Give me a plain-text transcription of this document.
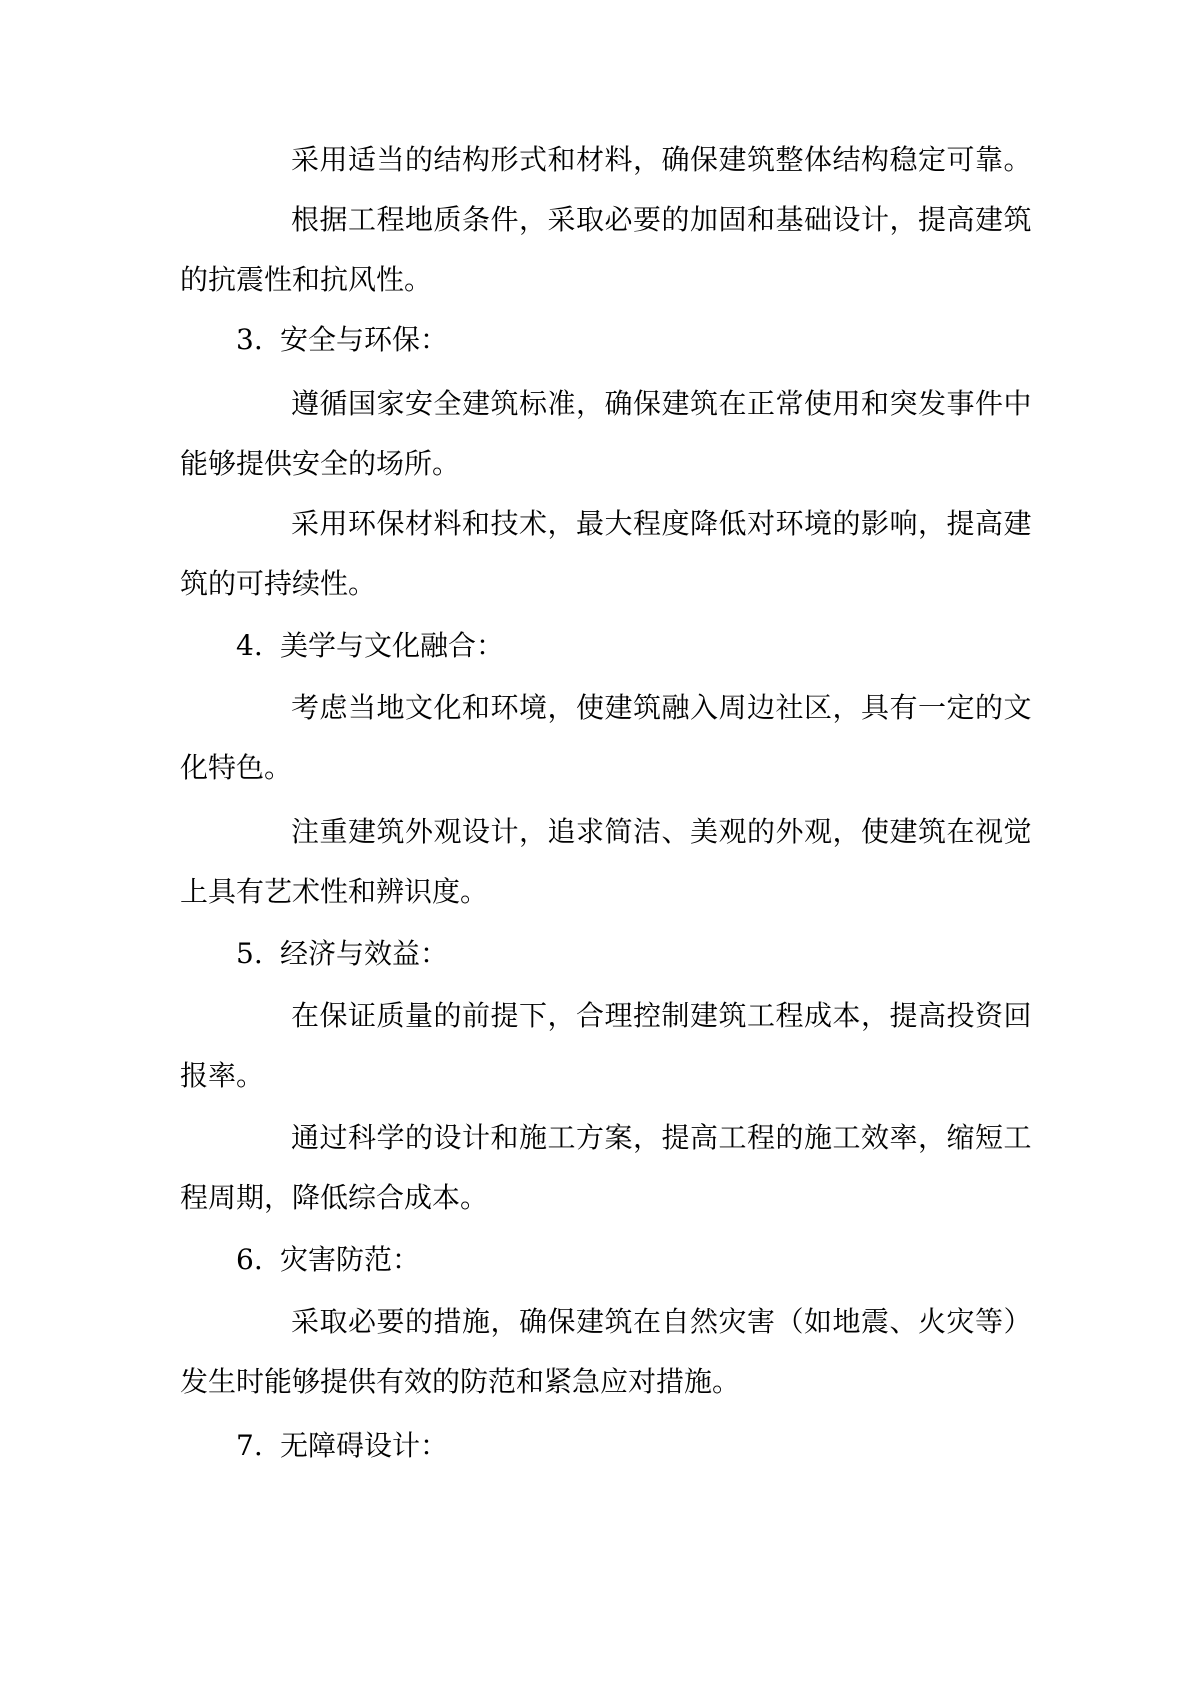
采用适当的结构形式和材料，确保建筑整体结构稳定可靠。
根据工程地质条件，采取必要的加固和基础设计，提高建筑
的抗震性和抗风性。
3. 安全与环保：
遵循国家安全建筑标准，确保建筑在正常使用和突发事件中
能够提供安全的场所。
采用环保材料和技术，最大程度降低对环境的影响，提高建
筑的可持续性。
4. 美学与文化融合：
考虑当地文化和环境，使建筑融入周边社区，具有一定的文
化特色。
注重建筑外观设计，追求简洁、美观的外观，使建筑在视觉
上具有艺术性和辨识度。
5. 经济与效益：
在保证质量的前提下，合理控制建筑工程成本，提高投资回
报率。
通过科学的设计和施工方案，提高工程的施工效率，缩短工
程周期，降低综合成本。
6. 灾害防范：
采取必要的措施，确保建筑在自然灾害（如地震、火灾等）
发生时能够提供有效的防范和紧急应对措施。
7. 无障碍设计：
